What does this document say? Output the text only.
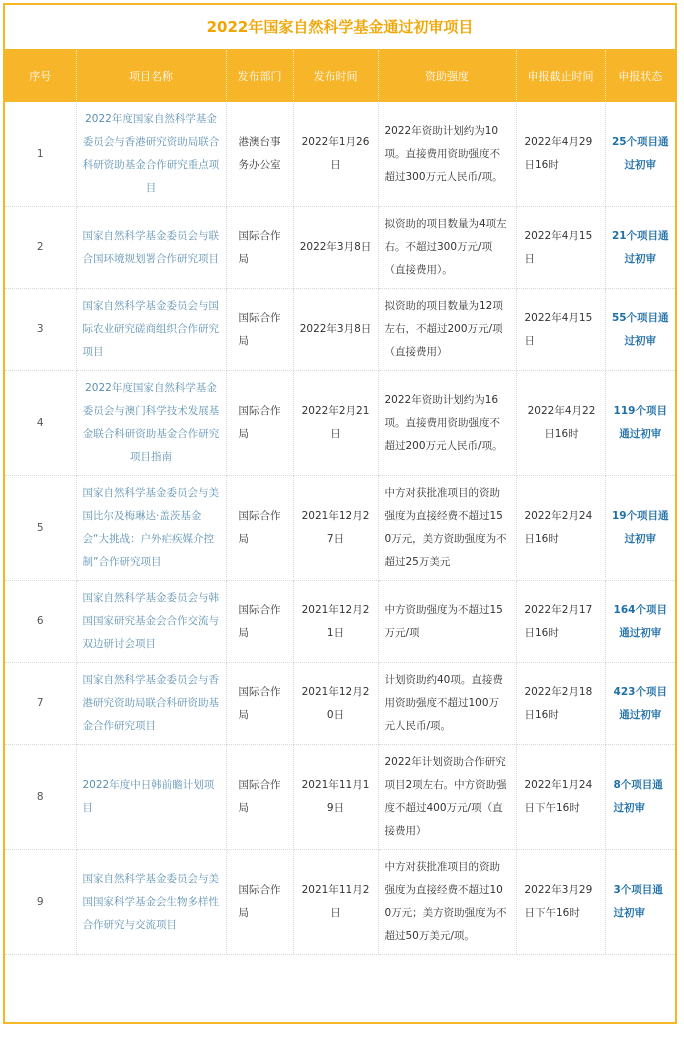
2022年国家自然科学基金通过初审项目
序号	项目名称	发布部门	发布时间	资助强度	申报截止时间	申报状态
1	2022年度国家自然科学基金委员会与香港研究资助局联合科研资助基金合作研究重点项目	港澳台事务办公室	2022年1月26日	2022年资助计划约为10项。直接费用资助强度不超过300万元人民币/项。	2022年4月29日16时	25个项目通过初审
2	国家自然科学基金委员会与联合国环境规划署合作研究项目	国际合作局	2022年3月8日	拟资助的项目数量为4项左右。不超过300万元/项（直接费用）。	2022年4月15日	21个项目通过初审
3	国家自然科学基金委员会与国际农业研究磋商组织合作研究项目	国际合作局	2022年3月8日	拟资助的项目数量为12项左右，不超过200万元/项（直接费用）	2022年4月15日	55个项目通过初审
4	2022年度国家自然科学基金委员会与澳门科学技术发展基金联合科研资助基金合作研究项目指南	国际合作局	2022年2月21日	2022年资助计划约为16项。直接费用资助强度不超过200万元人民币/项。	2022年4月22日16时	119个项目通过初审
5	国家自然科学基金委员会与美国比尔及梅琳达·盖茨基金会“大挑战：户外疟疾媒介控制”合作研究项目	国际合作局	2021年12月27日	中方对获批准项目的资助强度为直接经费不超过150万元，美方资助强度为不超过25万美元	2022年2月24日16时	19个项目通过初审
6	国家自然科学基金委员会与韩国国家研究基金会合作交流与双边研讨会项目	国际合作局	2021年12月21日	中方资助强度为不超过15万元/项	2022年2月17日16时	164个项目通过初审
7	国家自然科学基金委员会与香港研究资助局联合科研资助基金合作研究项目	国际合作局	2021年12月20日	计划资助约40项。直接费用资助强度不超过100万元人民币/项。	2022年2月18日16时	423个项目通过初审
8	2022年度中日韩前瞻计划项目	国际合作局	2021年11月19日	2022年计划资助合作研究项目2项左右。中方资助强度不超过400万元/项（直接费用）	2022年1月24日下午16时	8个项目通过初审
9	国家自然科学基金委员会与美国国家科学基金会生物多样性合作研究与交流项目	国际合作局	2021年11月2日	中方对获批准项目的资助强度为直接经费不超过100万元；美方资助强度为不超过50万美元/项。	2022年3月29日下午16时	3个项目通过初审
